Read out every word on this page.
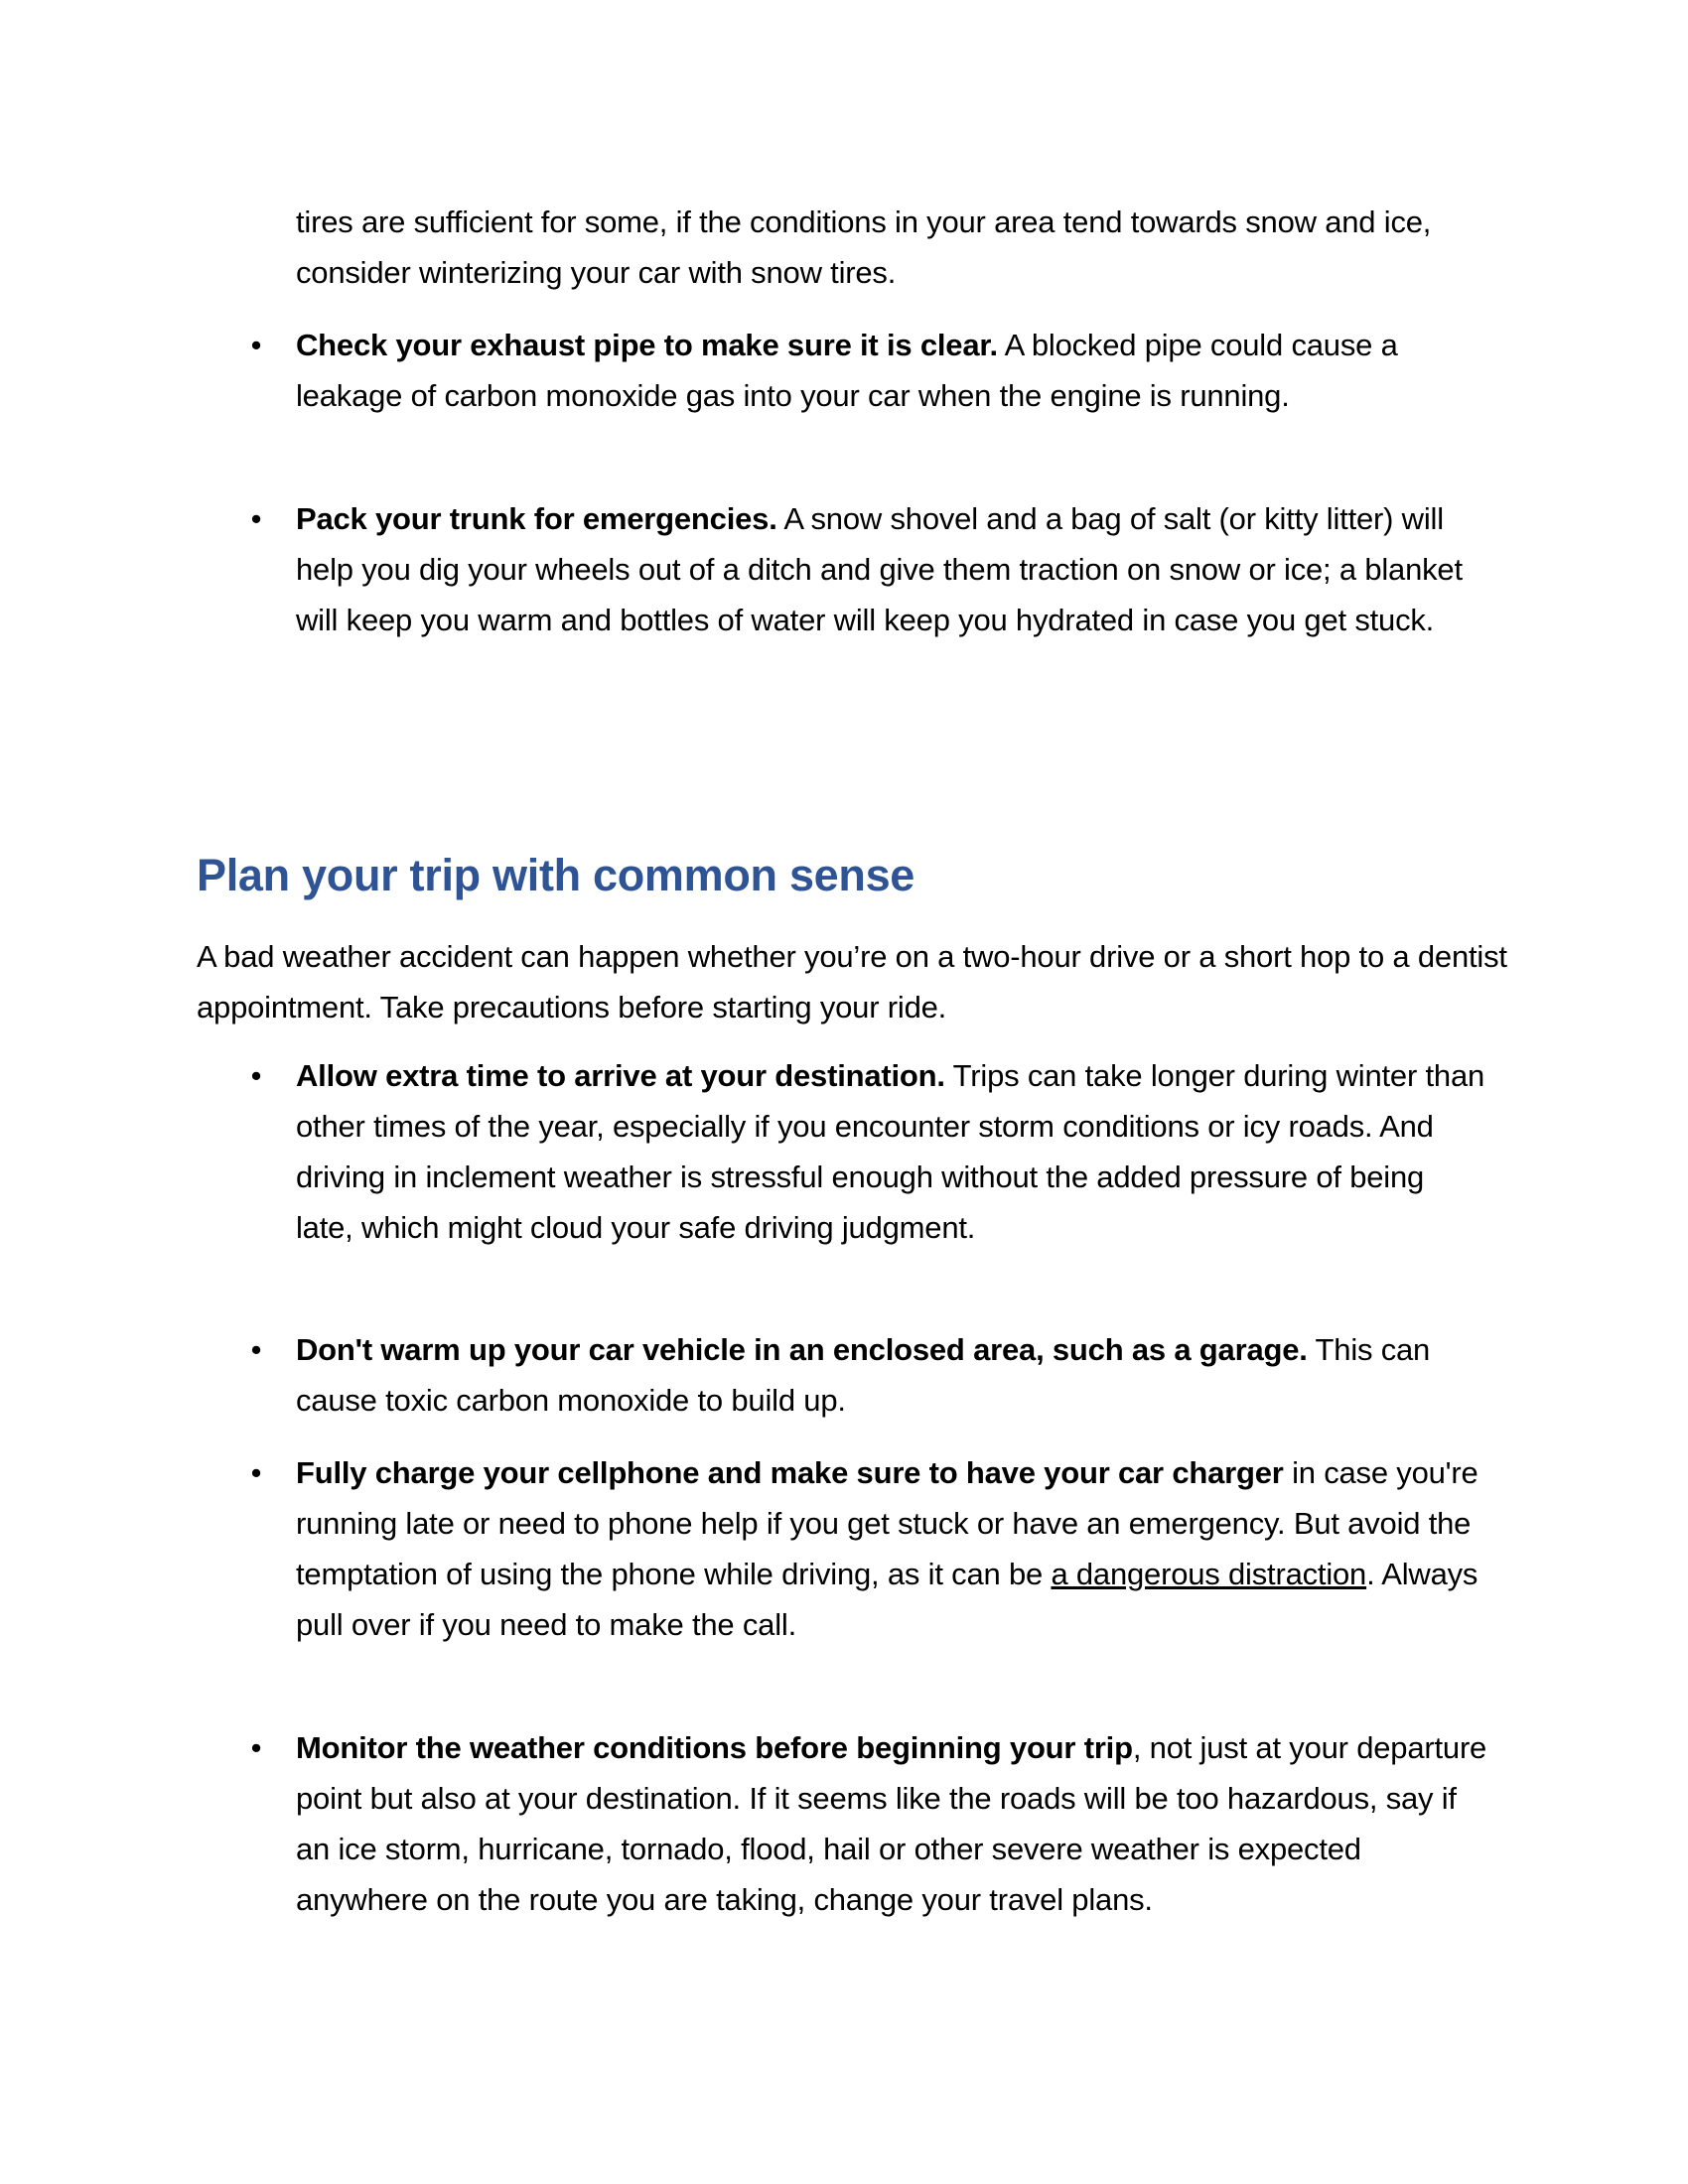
tires are sufficient for some, if the conditions in your area tend towards snow and ice, consider winterizing your car with snow tires.

• Check your exhaust pipe to make sure it is clear. A blocked pipe could cause a leakage of carbon monoxide gas into your car when the engine is running.
• Pack your trunk for emergencies. A snow shovel and a bag of salt (or kitty litter) will help you dig your wheels out of a ditch and give them traction on snow or ice; a blanket will keep you warm and bottles of water will keep you hydrated in case you get stuck.
Plan your trip with common sense

A bad weather accident can happen whether you’re on a two-hour drive or a short hop to a dentist appointment. Take precautions before starting your ride.

• Allow extra time to arrive at your destination. Trips can take longer during winter than other times of the year, especially if you encounter storm conditions or icy roads. And driving in inclement weather is stressful enough without the added pressure of being late, which might cloud your safe driving judgment.
• Don't warm up your car vehicle in an enclosed area, such as a garage. This can cause toxic carbon monoxide to build up.
• Fully charge your cellphone and make sure to have your car charger in case you're running late or need to phone help if you get stuck or have an emergency. But avoid the temptation of using the phone while driving, as it can be a dangerous distraction. Always pull over if you need to make the call.
• Monitor the weather conditions before beginning your trip, not just at your departure point but also at your destination. If it seems like the roads will be too hazardous, say if an ice storm, hurricane, tornado, flood, hail or other severe weather is expected anywhere on the route you are taking, change your travel plans.
